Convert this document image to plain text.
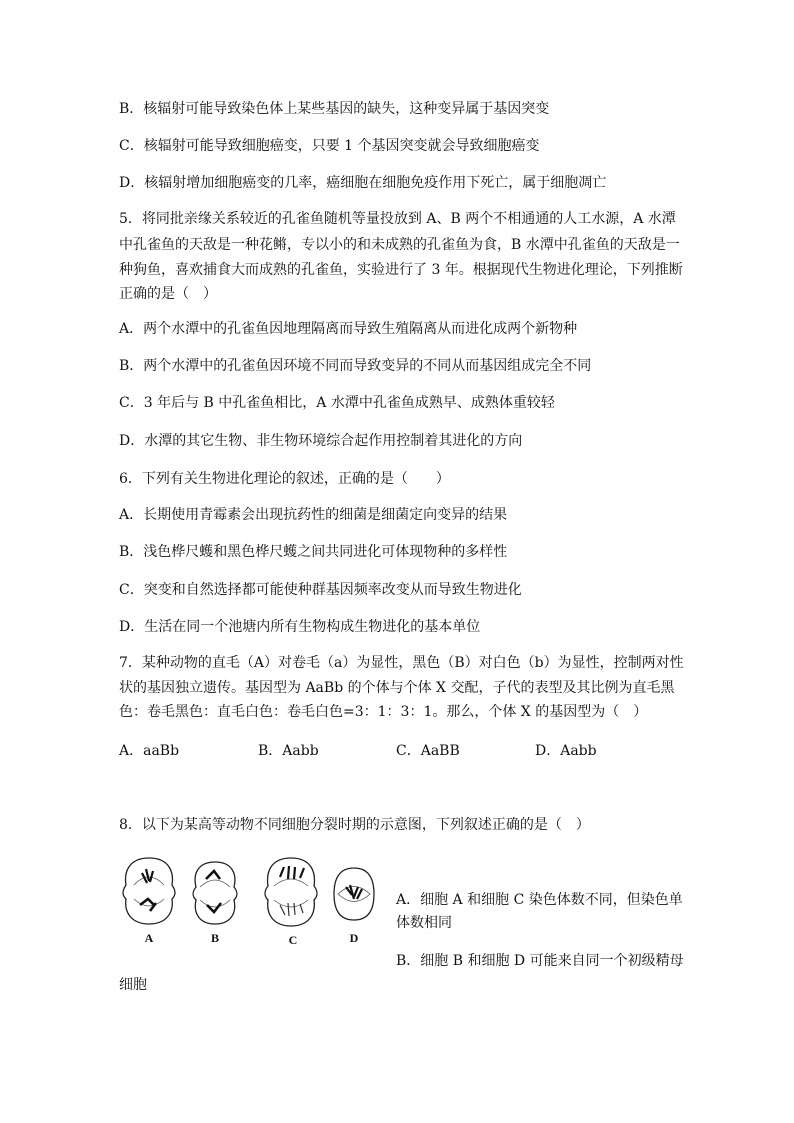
B．核辐射可能导致染色体上某些基因的缺失，这种变异属于基因突变
C．核辐射可能导致细胞癌变，只要 1 个基因突变就会导致细胞癌变
D．核辐射增加细胞癌变的几率，癌细胞在细胞免疫作用下死亡，属于细胞凋亡
5．将同批亲缘关系较近的孔雀鱼随机等量投放到 A、B 两个不相通通的人工水源，A 水潭
中孔雀鱼的天敌是一种花鳉，专以小的和未成熟的孔雀鱼为食，B 水潭中孔雀鱼的天敌是一
种狗鱼，喜欢捕食大而成熟的孔雀鱼，实验进行了 3 年。根据现代生物进化理论，下列推断
正确的是（　）
A．两个水潭中的孔雀鱼因地理隔离而导致生殖隔离从而进化成两个新物种
B．两个水潭中的孔雀鱼因环境不同而导致变异的不同从而基因组成完全不同
C．3 年后与 B 中孔雀鱼相比，A 水潭中孔雀鱼成熟早、成熟体重较轻
D．水潭的其它生物、非生物环境综合起作用控制着其进化的方向
6．下列有关生物进化理论的叙述，正确的是（　　）
A．长期使用青霉素会出现抗药性的细菌是细菌定向变异的结果
B．浅色桦尺蠖和黑色桦尺蠖之间共同进化可体现物种的多样性
C．突变和自然选择都可能使种群基因频率改变从而导致生物进化
D．生活在同一个池塘内所有生物构成生物进化的基本单位
7．某种动物的直毛（A）对卷毛（a）为显性，黑色（B）对白色（b）为显性，控制两对性
状的基因独立遗传。基因型为 AaBb 的个体与个体 X 交配，子代的表型及其比例为直毛黑
色：卷毛黑色：直毛白色：卷毛白色=3：1：3：1。那么，个体 X 的基因型为（　）
A．aaBb	B．Aabb	C．AaBB	D．Aabb
8．以下为某高等动物不同细胞分裂时期的示意图，下列叙述正确的是（　）
A	B	C	D
A．细胞 A 和细胞 C 染色体数不同，但染色单
体数相同
B．细胞 B 和细胞 D 可能来自同一个初级精母
细胞
